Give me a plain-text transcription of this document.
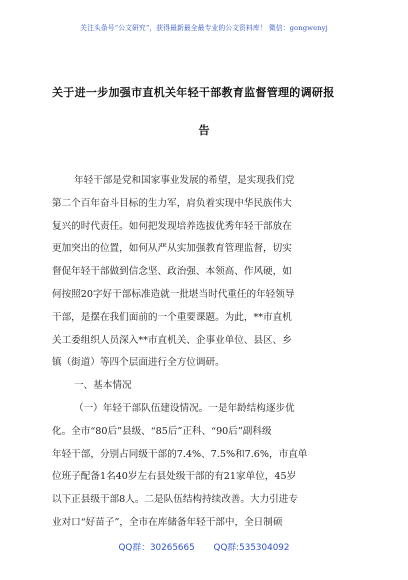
关注头条号“公文研究”，获得最新最全最专业的公文资料库！ 微信：gongwenyj
关于进一步加强市直机关年轻干部教育监督管理的调研报
告
年轻干部是党和国家事业发展的希望，是实现我们党
第二个百年奋斗目标的生力军，肩负着实现中华民族伟大
复兴的时代责任。如何把发现培养选拔优秀年轻干部放在
更加突出的位置，如何从严从实加强教育管理监督，切实
督促年轻干部做到信念坚、政治强、本领高、作风硬，如
何按照20字好干部标准造就一批堪当时代重任的年轻领导
干部，是摆在我们面前的一个重要课题。为此，**市直机
关工委组织人员深入**市直机关、企事业单位、县区、乡
镇（街道）等四个层面进行全方位调研。
一、基本情况
（一）年轻干部队伍建设情况。一是年龄结构逐步优
化。全市“80后”县级、“85后”正科、“90后”副科级
年轻干部，分别占同级干部的7.4%、7.5%和7.6%，市直单
位班子配备1名40岁左右县处级干部的有21家单位，45岁
以下正县级干部8人。二是队伍结构持续改善。大力引进专
业对口“好苗子”，全市在库储备年轻干部中，全日制硕
QQ群：30265665 QQ群:535304092
